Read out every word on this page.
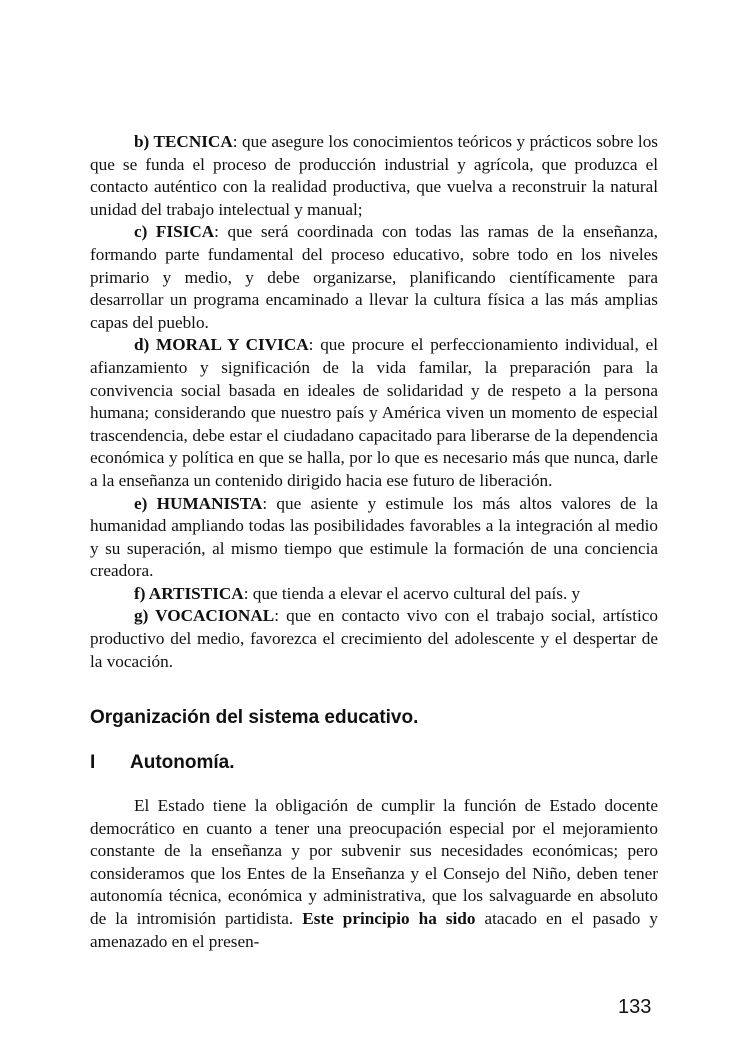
b) TECNICA: que asegure los conocimientos teóricos y prácticos sobre los que se funda el proceso de producción industrial y agrícola, que produzca el contacto auténtico con la realidad productiva, que vuelva a reconstruir la natural unidad del trabajo intelectual y manual;

c) FISICA: que será coordinada con todas las ramas de la enseñanza, formando parte fundamental del proceso educativo, sobre todo en los niveles primario y medio, y debe organizarse, planificando científicamente para desarrollar un programa encaminado a llevar la cultura física a las más amplias capas del pueblo.

d) MORAL Y CIVICA: que procure el perfeccionamiento individual, el afianzamiento y significación de la vida familar, la preparación para la convivencia social basada en ideales de solidaridad y de respeto a la persona humana; considerando que nuestro país y América viven un momento de especial trascendencia, debe estar el ciudadano capacitado para liberarse de la dependencia económica y política en que se halla, por lo que es necesario más que nunca, darle a la enseñanza un contenido dirigido hacia ese futuro de liberación.

e) HUMANISTA: que asiente y estimule los más altos valores de la humanidad ampliando todas las posibilidades favorables a la integración al medio y su superación, al mismo tiempo que estimule la formación de una conciencia creadora.

f) ARTISTICA: que tienda a elevar el acervo cultural del país. y

g) VOCACIONAL: que en contacto vivo con el trabajo social, artístico productivo del medio, favorezca el crecimiento del adolescente y el despertar de la vocación.

Organización del sistema educativo.
I Autonomía.

El Estado tiene la obligación de cumplir la función de Estado docente democrático en cuanto a tener una preocupación especial por el mejoramiento constante de la enseñanza y por subvenir sus necesidades económicas; pero consideramos que los Entes de la Enseñanza y el Consejo del Niño, deben tener autonomía técnica, económica y administrativa, que los salvaguarde en absoluto de la intromisión partidista. Este principio ha sido atacado en el pasado y amenazado en el presen-

133
